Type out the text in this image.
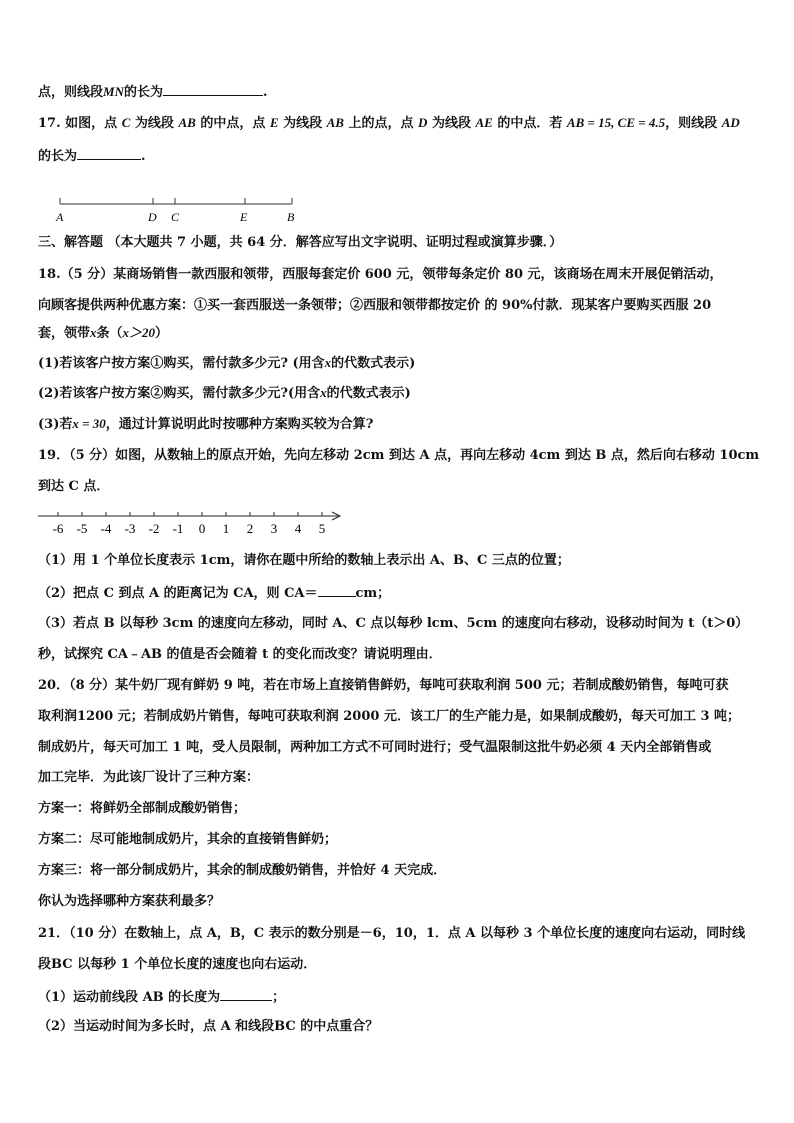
点，则线段MN的长为	.
17. 如图，点 C 为线段 AB 的中点，点 E 为线段 AB 上的点，点 D 为线段 AE 的中点．若 AB = 15, CE = 4.5，则线段 AD
的长为	.
A	D C	E	B
三、解答题 （本大题共 7 小题，共 64 分．解答应写出文字说明、证明过程或演算步骤．）
18.（5 分）某商场销售一款西服和领带，西服每套定价 600 元，领带每条定价 80 元，该商场在周末开展促销活动，
向顾客提供两种优惠方案：①买一套西服送一条领带；②西服和领带都按定价 的 90%付款．现某客户要购买西服 20
套，领带x条（x＞20）
(1)若该客户按方案①购买，需付款多少元? (用含x的代数式表示)
(2)若该客户按方案②购买，需付款多少元?(用含x的代数式表示)
(3)若x = 30，通过计算说明此时按哪种方案购买较为合算?
19．（5 分）如图，从数轴上的原点开始，先向左移动 2cm 到达 A 点，再向左移动 4cm 到达 B 点，然后向右移动 10cm
到达 C 点．
-6 -5 -4 -3 -2 -1 0 1 2 3 4 5
（1）用 1 个单位长度表示 1cm，请你在题中所给的数轴上表示出 A、B、C 三点的位置；
（2）把点 C 到点 A 的距离记为 CA，则 CA＝	cm；
（3）若点 B 以每秒 3cm 的速度向左移动，同时 A、C 点以每秒 lcm、5cm 的速度向右移动，设移动时间为 t（t＞0）
秒，试探究 CA﹣AB 的值是否会随着 t 的变化而改变？请说明理由．
20．（8 分）某牛奶厂现有鲜奶 9 吨，若在市场上直接销售鲜奶，每吨可获取利润 500 元；若制成酸奶销售，每吨可获
取利润1200 元；若制成奶片销售，每吨可获取利润 2000 元．该工厂的生产能力是，如果制成酸奶，每天可加工 3 吨；
制成奶片，每天可加工 1 吨，受人员限制，两种加工方式不可同时进行；受气温限制这批牛奶必须 4 天内全部销售或
加工完毕．为此该厂设计了三种方案：
方案一：将鲜奶全部制成酸奶销售；
方案二：尽可能地制成奶片，其余的直接销售鲜奶；
方案三：将一部分制成奶片，其余的制成酸奶销售，并恰好 4 天完成．
你认为选择哪种方案获利最多？
21．（10 分）在数轴上，点 A，B，C 表示的数分别是－6，10，1．点 A 以每秒 3 个单位长度的速度向右运动，同时线
段BC 以每秒 1 个单位长度的速度也向右运动．
（1）运动前线段 AB 的长度为	；
（2）当运动时间为多长时，点 A 和线段BC 的中点重合？
